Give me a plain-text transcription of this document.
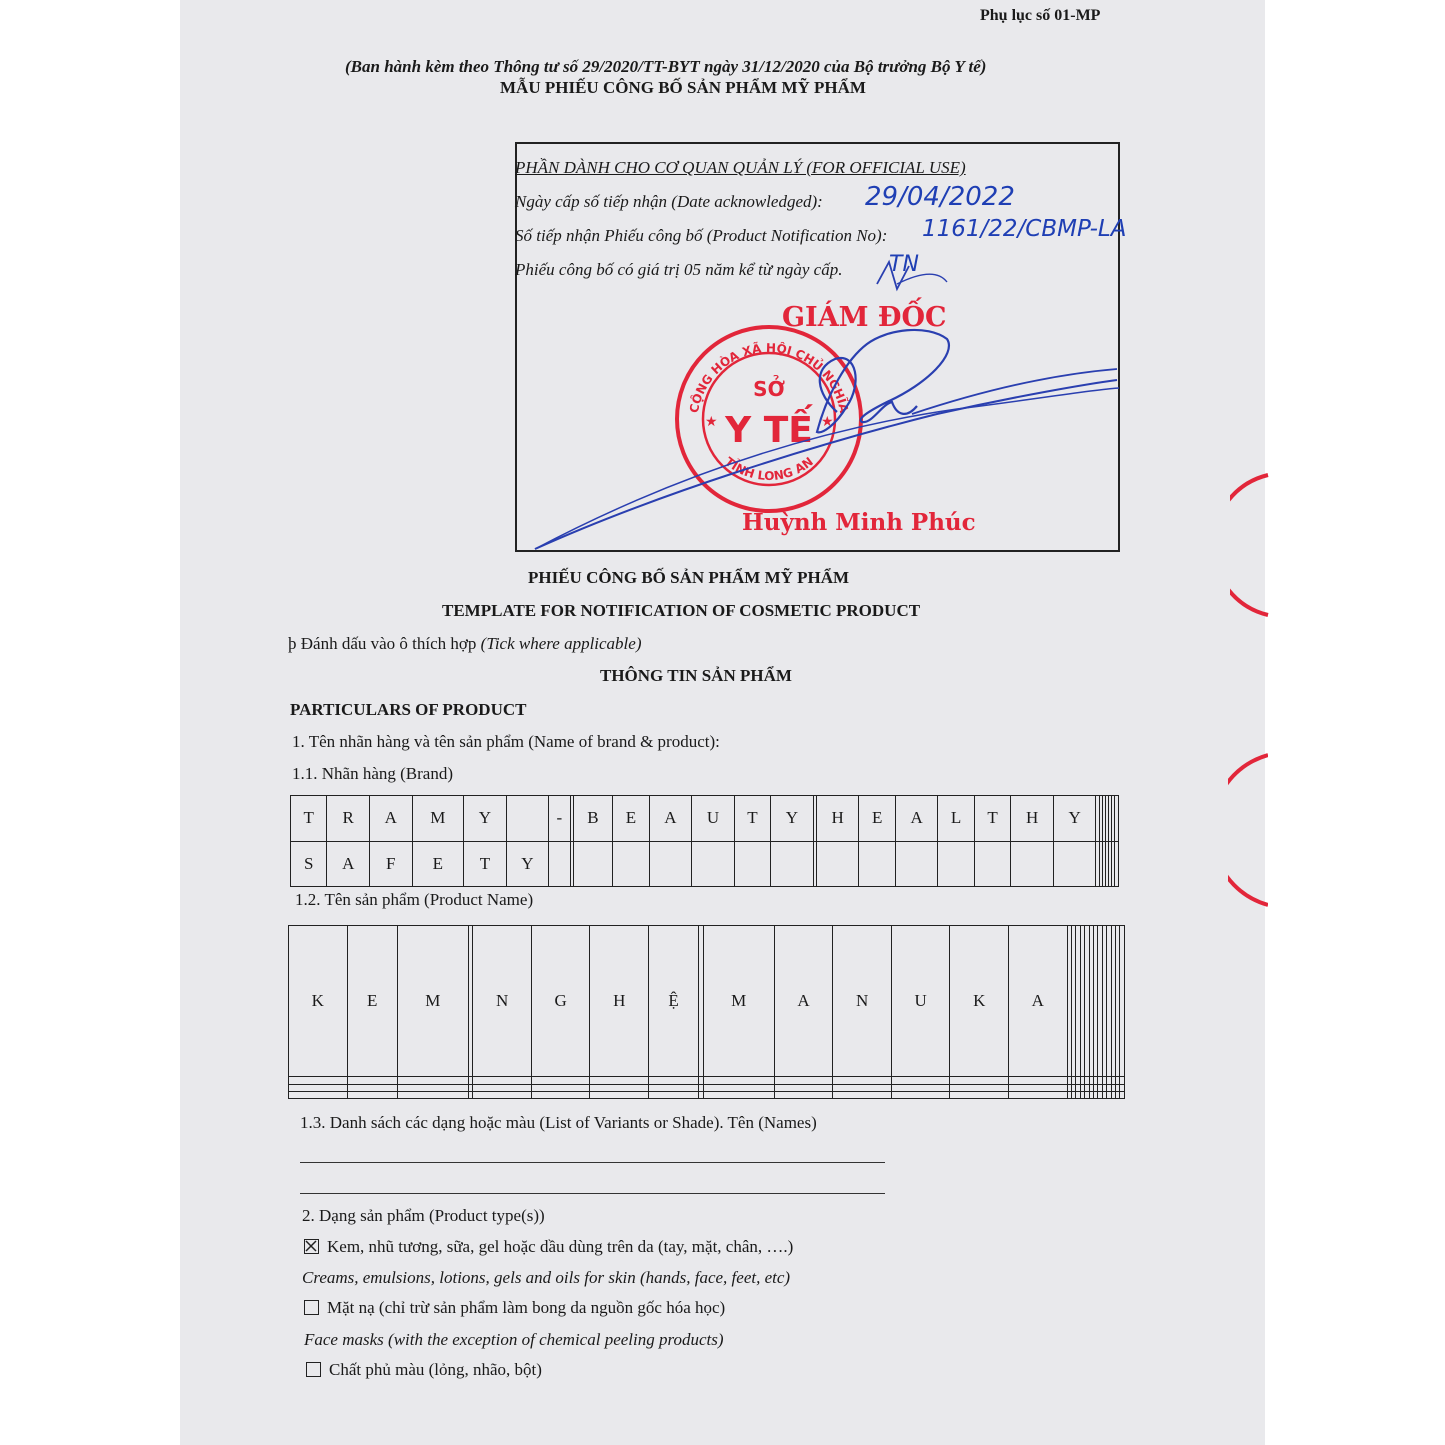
Phụ lục số 01-MP
(Ban hành kèm theo Thông tư số 29/2020/TT-BYT ngày 31/12/2020 của Bộ trưởng Bộ Y tế)
MẪU PHIẾU CÔNG BỐ SẢN PHẨM MỸ PHẨM
PHẦN DÀNH CHO CƠ QUAN QUẢN LÝ (FOR OFFICIAL USE)
Ngày cấp số tiếp nhận (Date acknowledged):
Số tiếp nhận Phiếu công bố (Product Notification No):
Phiếu công bố có giá trị 05 năm kể từ ngày cấp.
29/04/2022
1161/22/CBMP-LA
TN
GIÁM ĐỐC
Huỳnh Minh Phúc
CỘNG HÒA XÃ HỘI CHỦ NGHĨA
TỈNH LONG AN
SỞ
Y TẾ
★	★
PHIẾU CÔNG BỐ SẢN PHẨM MỸ PHẨM
TEMPLATE FOR NOTIFICATION OF COSMETIC PRODUCT
þ Đánh dấu vào ô thích hợp (Tick where applicable)
THÔNG TIN SẢN PHẨM
PARTICULARS OF PRODUCT
1. Tên nhãn hàng và tên sản phẩm (Name of brand & product):
1.1. Nhãn hàng (Brand)
T	R	A	M	Y		-		B	E	A	U	T	Y		H	E	A	L	T	H	Y							
S	A	F	E	T	Y																							
1.2. Tên sản phẩm (Product Name)
K	E	M		N	G	H	Ệ		M	A	N	U	K	A													

1.3. Danh sách các dạng hoặc màu (List of Variants or Shade). Tên (Names)
2. Dạng sản phẩm (Product type(s))
Kem, nhũ tương, sữa, gel hoặc dầu dùng trên da (tay, mặt, chân, ….)
Creams, emulsions, lotions, gels and oils for skin (hands, face, feet, etc)
Mặt nạ (chỉ trừ sản phẩm làm bong da nguồn gốc hóa học)
Face masks (with the exception of chemical peeling products)
Chất phủ màu (lỏng, nhão, bột)
